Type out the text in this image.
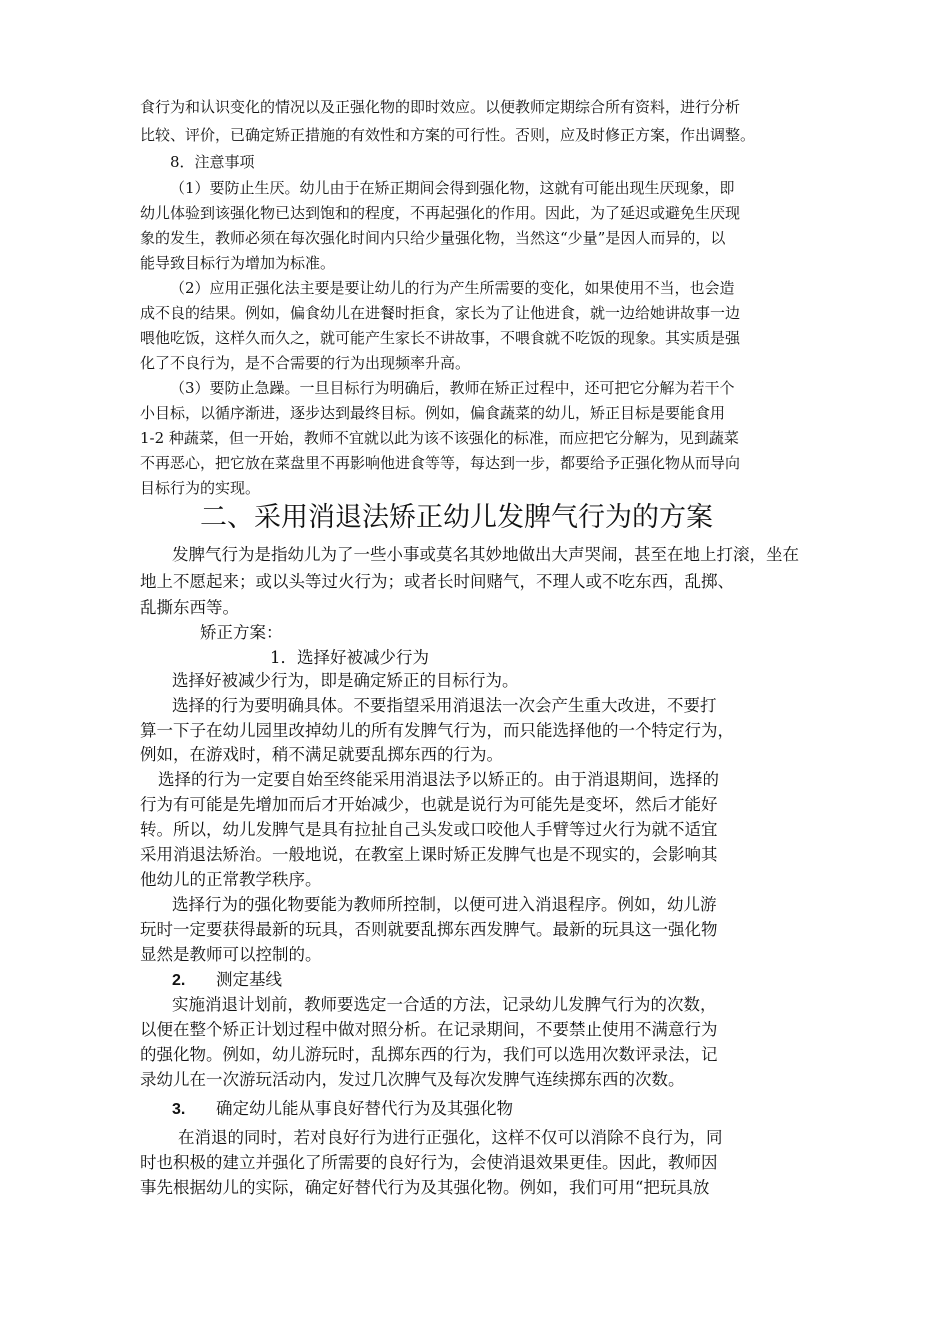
食行为和认识变化的情况以及正强化物的即时效应。以便教师定期综合所有资料，进行分析
比较、评价，已确定矫正措施的有效性和方案的可行性。否则，应及时修正方案，作出调整。
8．注意事项
（1）要防止生厌。幼儿由于在矫正期间会得到强化物，这就有可能出现生厌现象，即
幼儿体验到该强化物已达到饱和的程度，不再起强化的作用。因此，为了延迟或避免生厌现
象的发生，教师必须在每次强化时间内只给少量强化物，当然这“少量”是因人而异的，以
能导致目标行为增加为标准。
（2）应用正强化法主要是要让幼儿的行为产生所需要的变化，如果使用不当，也会造
成不良的结果。例如，偏食幼儿在进餐时拒食，家长为了让他进食，就一边给她讲故事一边
喂他吃饭，这样久而久之，就可能产生家长不讲故事，不喂食就不吃饭的现象。其实质是强
化了不良行为，是不合需要的行为出现频率升高。
（3）要防止急躁。一旦目标行为明确后，教师在矫正过程中，还可把它分解为若干个
小目标，以循序渐进，逐步达到最终目标。例如，偏食蔬菜的幼儿，矫正目标是要能食用
1-2 种蔬菜，但一开始，教师不宜就以此为该不该强化的标准，而应把它分解为，见到蔬菜
不再恶心，把它放在菜盘里不再影响他进食等等，每达到一步，都要给予正强化物从而导向
目标行为的实现。
二、采用消退法矫正幼儿发脾气行为的方案
发脾气行为是指幼儿为了一些小事或莫名其妙地做出大声哭闹，甚至在地上打滚，坐在
地上不愿起来；或以头等过火行为；或者长时间赌气，不理人或不吃东西，乱掷、
乱撕东西等。
矫正方案：
1．选择好被减少行为
选择好被减少行为，即是确定矫正的目标行为。
选择的行为要明确具体。不要指望采用消退法一次会产生重大改进，不要打
算一下子在幼儿园里改掉幼儿的所有发脾气行为，而只能选择他的一个特定行为，
例如，在游戏时，稍不满足就要乱掷东西的行为。
选择的行为一定要自始至终能采用消退法予以矫正的。由于消退期间，选择的
行为有可能是先增加而后才开始减少，也就是说行为可能先是变坏，然后才能好
转。所以，幼儿发脾气是具有拉扯自己头发或口咬他人手臂等过火行为就不适宜
采用消退法矫治。一般地说，在教室上课时矫正发脾气也是不现实的，会影响其
他幼儿的正常教学秩序。
选择行为的强化物要能为教师所控制，以便可进入消退程序。例如，幼儿游
玩时一定要获得最新的玩具，否则就要乱掷东西发脾气。最新的玩具这一强化物
显然是教师可以控制的。
2. 测定基线
实施消退计划前，教师要选定一合适的方法，记录幼儿发脾气行为的次数，
以便在整个矫正计划过程中做对照分析。在记录期间，不要禁止使用不满意行为
的强化物。例如，幼儿游玩时，乱掷东西的行为，我们可以选用次数评录法，记
录幼儿在一次游玩活动内，发过几次脾气及每次发脾气连续掷东西的次数。
3. 确定幼儿能从事良好替代行为及其强化物
在消退的同时，若对良好行为进行正强化，这样不仅可以消除不良行为，同
时也积极的建立并强化了所需要的良好行为，会使消退效果更佳。因此，教师因
事先根据幼儿的实际，确定好替代行为及其强化物。例如，我们可用“把玩具放
